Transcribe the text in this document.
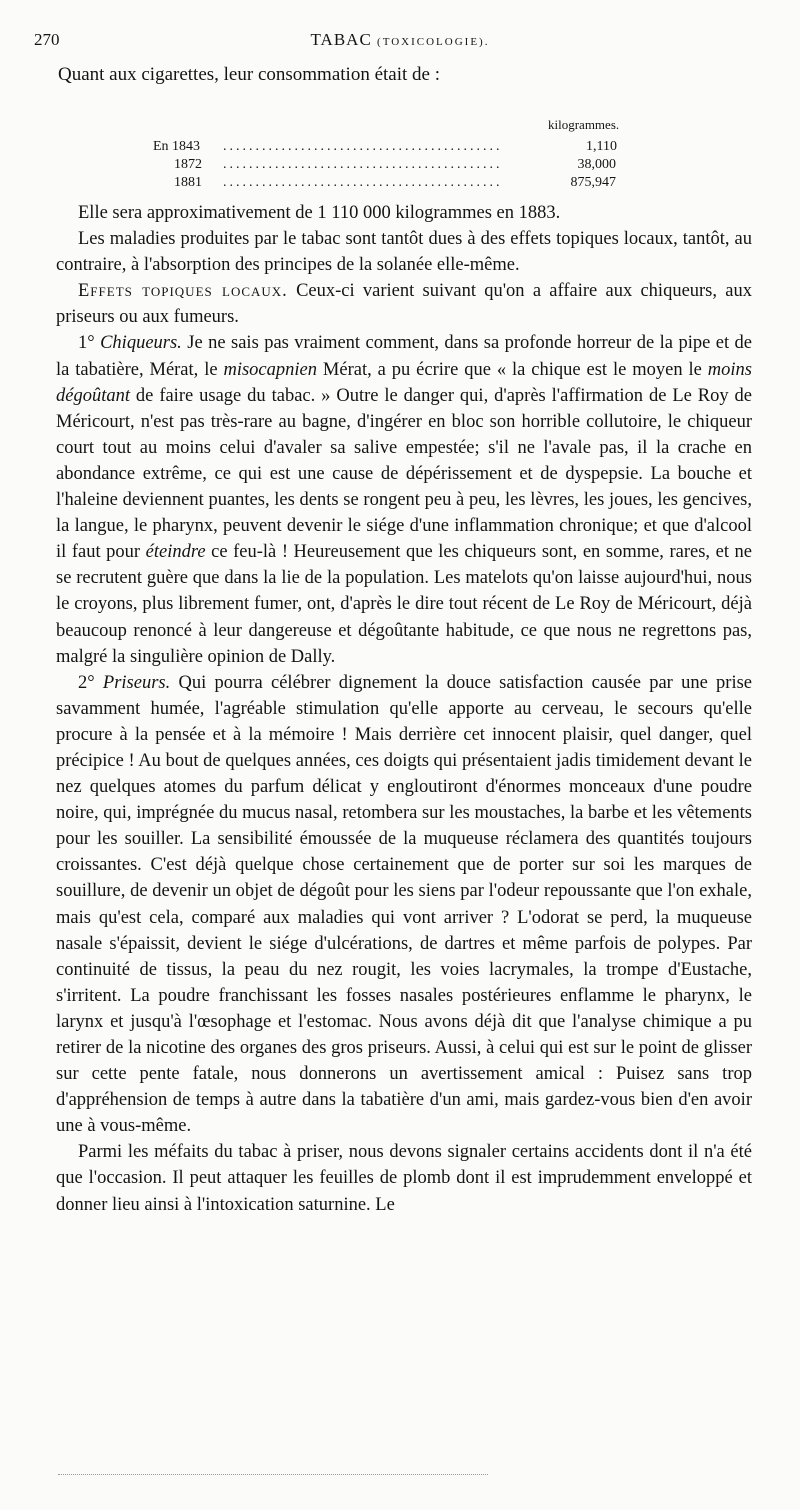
270	TABAC (TOXICOLOGIE).
Quant aux cigarettes, leur consommation était de :
kilogrammes.
En 1843 ...........................................	1,110
1872 ...........................................	38,000
1881 ...........................................	875,947

Elle sera approximativement de 1 110 000 kilogrammes en 1883.

Les maladies produites par le tabac sont tantôt dues à des effets topiques locaux, tantôt, au contraire, à l'absorption des principes de la solanée elle-même.

Effets topiques locaux. Ceux-ci varient suivant qu'on a affaire aux chiqueurs, aux priseurs ou aux fumeurs.

1° Chiqueurs. Je ne sais pas vraiment comment, dans sa profonde horreur de la pipe et de la tabatière, Mérat, le misocapnien Mérat, a pu écrire que « la chique est le moyen le moins dégoûtant de faire usage du tabac. » Outre le danger qui, d'après l'affirmation de Le Roy de Méricourt, n'est pas très-rare au bagne, d'ingérer en bloc son horrible collutoire, le chiqueur court tout au moins celui d'avaler sa salive empestée; s'il ne l'avale pas, il la crache en abondance extrême, ce qui est une cause de dépérissement et de dyspepsie. La bouche et l'haleine deviennent puantes, les dents se rongent peu à peu, les lèvres, les joues, les gencives, la langue, le pharynx, peuvent devenir le siége d'une inflammation chronique; et que d'alcool il faut pour éteindre ce feu-là ! Heureusement que les chiqueurs sont, en somme, rares, et ne se recrutent guère que dans la lie de la population. Les matelots qu'on laisse aujourd'hui, nous le croyons, plus librement fumer, ont, d'après le dire tout récent de Le Roy de Méricourt, déjà beaucoup renoncé à leur dangereuse et dégoûtante habitude, ce que nous ne regrettons pas, malgré la singulière opinion de Dally.

2° Priseurs. Qui pourra célébrer dignement la douce satisfaction causée par une prise savamment humée, l'agréable stimulation qu'elle apporte au cerveau, le secours qu'elle procure à la pensée et à la mémoire ! Mais derrière cet innocent plaisir, quel danger, quel précipice ! Au bout de quelques années, ces doigts qui présentaient jadis timidement devant le nez quelques atomes du parfum délicat y engloutiront d'énormes monceaux d'une poudre noire, qui, imprégnée du mucus nasal, retombera sur les moustaches, la barbe et les vêtements pour les souiller. La sensibilité émoussée de la muqueuse réclamera des quantités toujours croissantes. C'est déjà quelque chose certainement que de porter sur soi les marques de souillure, de devenir un objet de dégoût pour les siens par l'odeur repoussante que l'on exhale, mais qu'est cela, comparé aux maladies qui vont arriver ? L'odorat se perd, la muqueuse nasale s'épaissit, devient le siége d'ulcérations, de dartres et même parfois de polypes. Par continuité de tissus, la peau du nez rougit, les voies lacrymales, la trompe d'Eustache, s'irritent. La poudre franchissant les fosses nasales postérieures enflamme le pharynx, le larynx et jusqu'à l'œsophage et l'estomac. Nous avons déjà dit que l'analyse chimique a pu retirer de la nicotine des organes des gros priseurs. Aussi, à celui qui est sur le point de glisser sur cette pente fatale, nous donnerons un avertissement amical : Puisez sans trop d'appréhension de temps à autre dans la tabatière d'un ami, mais gardez-vous bien d'en avoir une à vous-même.

Parmi les méfaits du tabac à priser, nous devons signaler certains accidents dont il n'a été que l'occasion. Il peut attaquer les feuilles de plomb dont il est imprudemment enveloppé et donner lieu ainsi à l'intoxication saturnine. Le
